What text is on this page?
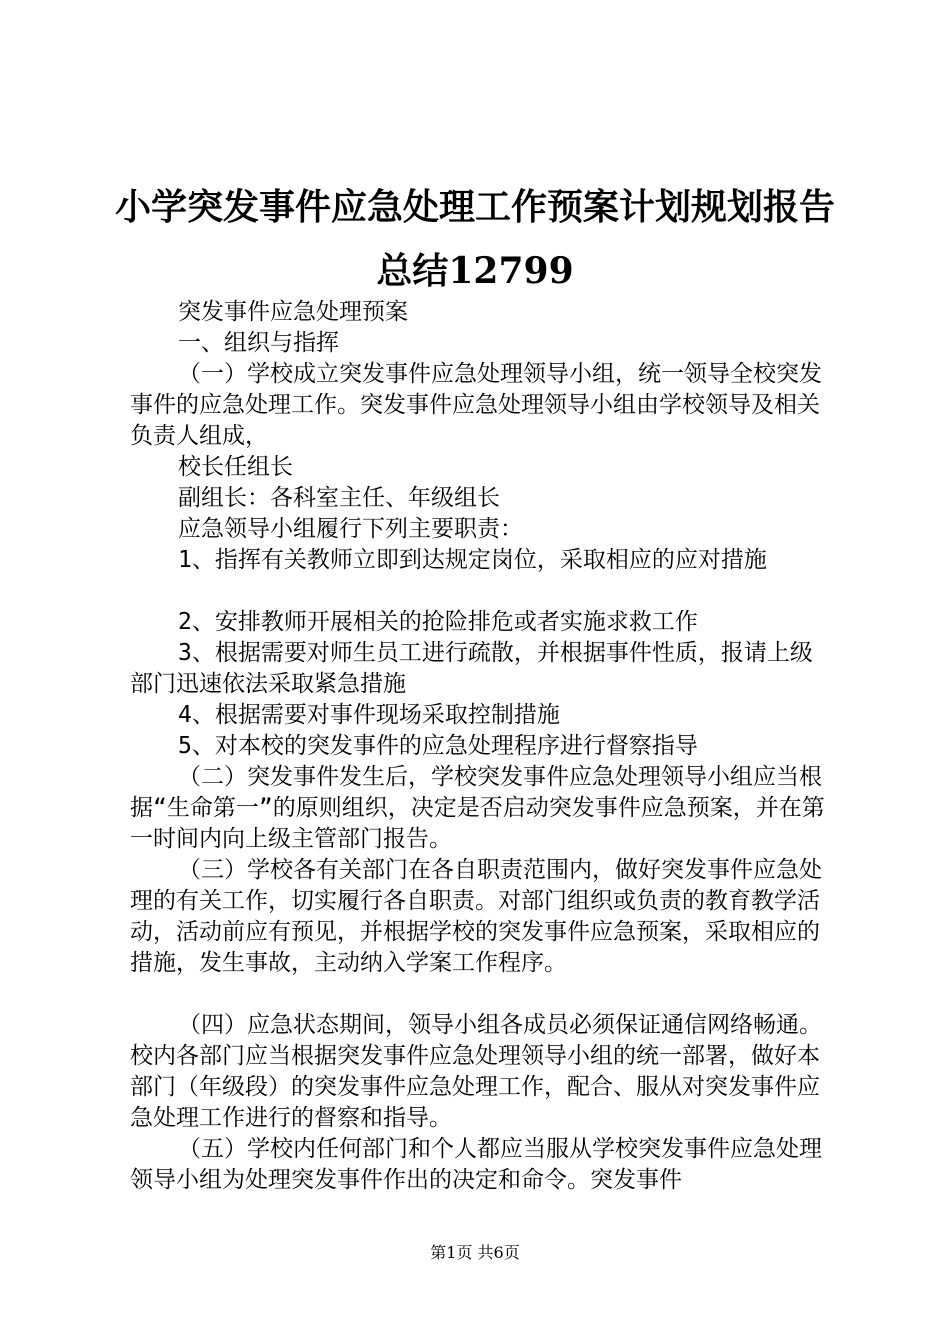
小学突发事件应急处理工作预案计划规划报告
总结12799

突发事件应急处理预案

一、组织与指挥

（一）学校成立突发事件应急处理领导小组，统一领导全校突发事件的应急处理工作。突发事件应急处理领导小组由学校领导及相关负责人组成，

校长任组长

副组长：各科室主任、年级组长

应急领导小组履行下列主要职责：

1、指挥有关教师立即到达规定岗位，采取相应的应对措施

2、安排教师开展相关的抢险排危或者实施求救工作

3、根据需要对师生员工进行疏散，并根据事件性质，报请上级部门迅速依法采取紧急措施

4、根据需要对事件现场采取控制措施

5、对本校的突发事件的应急处理程序进行督察指导

（二）突发事件发生后，学校突发事件应急处理领导小组应当根据“生命第一”的原则组织，决定是否启动突发事件应急预案，并在第一时间内向上级主管部门报告。

（三）学校各有关部门在各自职责范围内，做好突发事件应急处理的有关工作，切实履行各自职责。对部门组织或负责的教育教学活动，活动前应有预见，并根据学校的突发事件应急预案，采取相应的措施，发生事故，主动纳入学案工作程序。

（四）应急状态期间，领导小组各成员必须保证通信网络畅通。校内各部门应当根据突发事件应急处理领导小组的统一部署，做好本部门（年级段）的突发事件应急处理工作，配合、服从对突发事件应急处理工作进行的督察和指导。

（五）学校内任何部门和个人都应当服从学校突发事件应急处理领导小组为处理突发事件作出的决定和命令。突发事件

第1页 共6页
